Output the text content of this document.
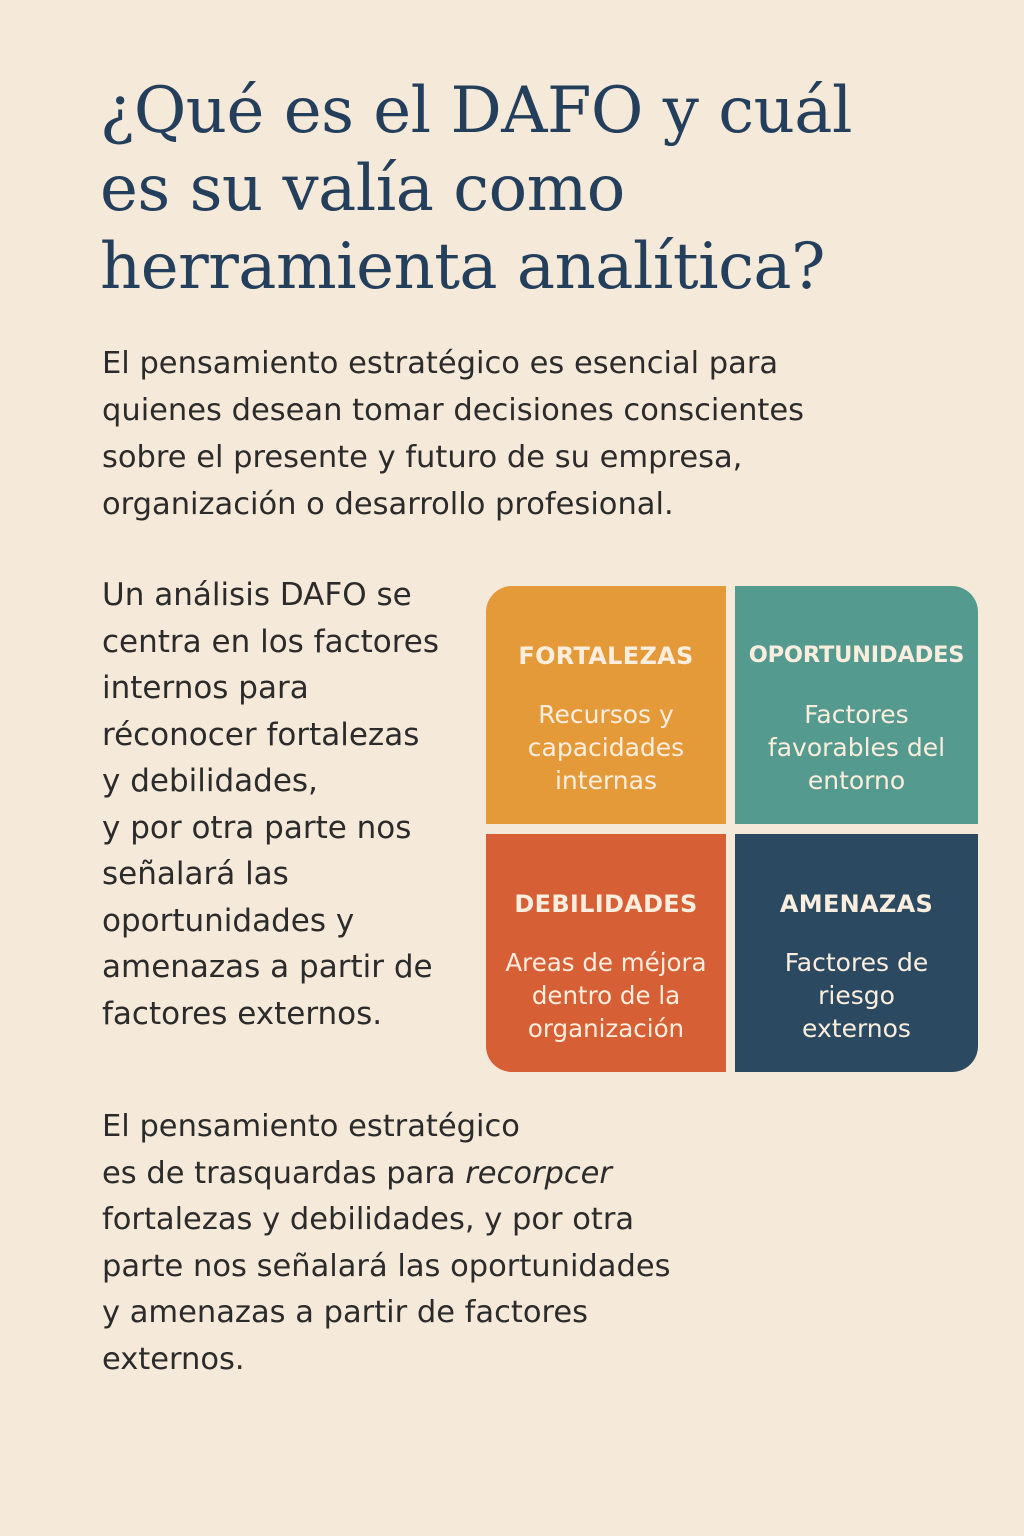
¿Qué es el DAFO y cuál
es su valía como
herramienta analítica?

El pensamiento estratégico es esencial para
quienes desean tomar decisiones conscientes
sobre el presente y futuro de su empresa,
organización o desarrollo profesional.

Un análisis DAFO se
centra en los factores
internos para
réconocer fortalezas
y debilidades,
y por otra parte nos
señalará las
oportunidades y
amenazas a partir de
factores externos.

FORTALEZAS
Recursos y
capacidades
internas
OPORTUNIDADES
Factores
favorables del
entorno
DEBILIDADES
Areas de méjora
dentro de la
organización
AMENAZAS
Factores de
riesgo
externos

El pensamiento estratégico
es de trasquardas para recorpcer
fortalezas y debilidades, y por otra
parte nos señalará las oportunidades
y amenazas a partir de factores
externos.
